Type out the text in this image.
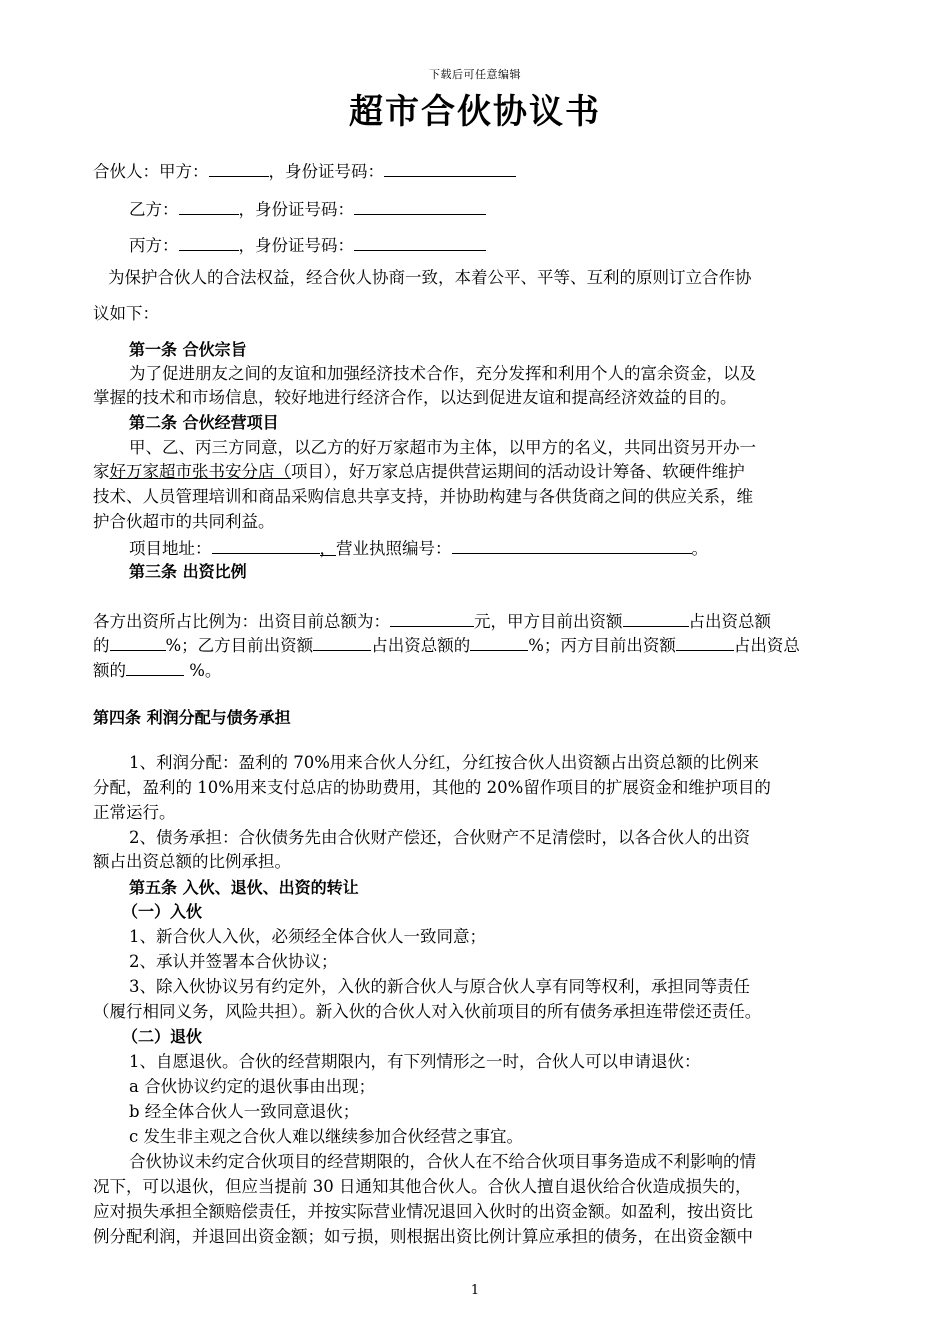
下载后可任意编辑
超市合伙协议书
合伙人：甲方：	，身份证号码：
乙方：	，身份证号码：
丙方：	，身份证号码：
为保护合伙人的合法权益，经合伙人协商一致，本着公平、平等、互利的原则订立合作协
议如下：
第一条 合伙宗旨
为了促进朋友之间的友谊和加强经济技术合作，充分发挥和利用个人的富余资金，以及
掌握的技术和市场信息，较好地进行经济合作，以达到促进友谊和提高经济效益的目的。
第二条 合伙经营项目
甲、乙、丙三方同意，以乙方的好万家超市为主体，以甲方的名义，共同出资另开办一
家好万家超市张书安分店（项目），好万家总店提供营运期间的活动设计筹备、软硬件维护
技术、人员管理培训和商品采购信息共享支持，并协助构建与各供货商之间的供应关系，维
护合伙超市的共同利益。
项目地址：	，营业执照编号：	。
第三条 出资比例
各方出资所占比例为：出资目前总额为：	元，甲方目前出资额	占出资总额
的	%；乙方目前出资额	占出资总额的	%；丙方目前出资额	占出资总
额的	%。
第四条 利润分配与债务承担
1、利润分配：盈利的 70%用来合伙人分红，分红按合伙人出资额占出资总额的比例来
分配，盈利的 10%用来支付总店的协助费用，其他的 20%留作项目的扩展资金和维护项目的
正常运行。
2、债务承担：合伙债务先由合伙财产偿还，合伙财产不足清偿时，以各合伙人的出资
额占出资总额的比例承担。
第五条 入伙、退伙、出资的转让
（一）入伙
1、新合伙人入伙，必须经全体合伙人一致同意；
2、承认并签署本合伙协议；
3、除入伙协议另有约定外，入伙的新合伙人与原合伙人享有同等权利，承担同等责任
（履行相同义务，风险共担）。新入伙的合伙人对入伙前项目的所有债务承担连带偿还责任。
（二）退伙
1、自愿退伙。合伙的经营期限内，有下列情形之一时，合伙人可以申请退伙：
a 合伙协议约定的退伙事由出现；
b 经全体合伙人一致同意退伙；
c 发生非主观之合伙人难以继续参加合伙经营之事宜。
合伙协议未约定合伙项目的经营期限的，合伙人在不给合伙项目事务造成不利影响的情
况下，可以退伙，但应当提前 30 日通知其他合伙人。合伙人擅自退伙给合伙造成损失的，
应对损失承担全额赔偿责任，并按实际营业情况退回入伙时的出资金额。如盈利，按出资比
例分配利润，并退回出资金额；如亏损，则根据出资比例计算应承担的债务，在出资金额中
1
